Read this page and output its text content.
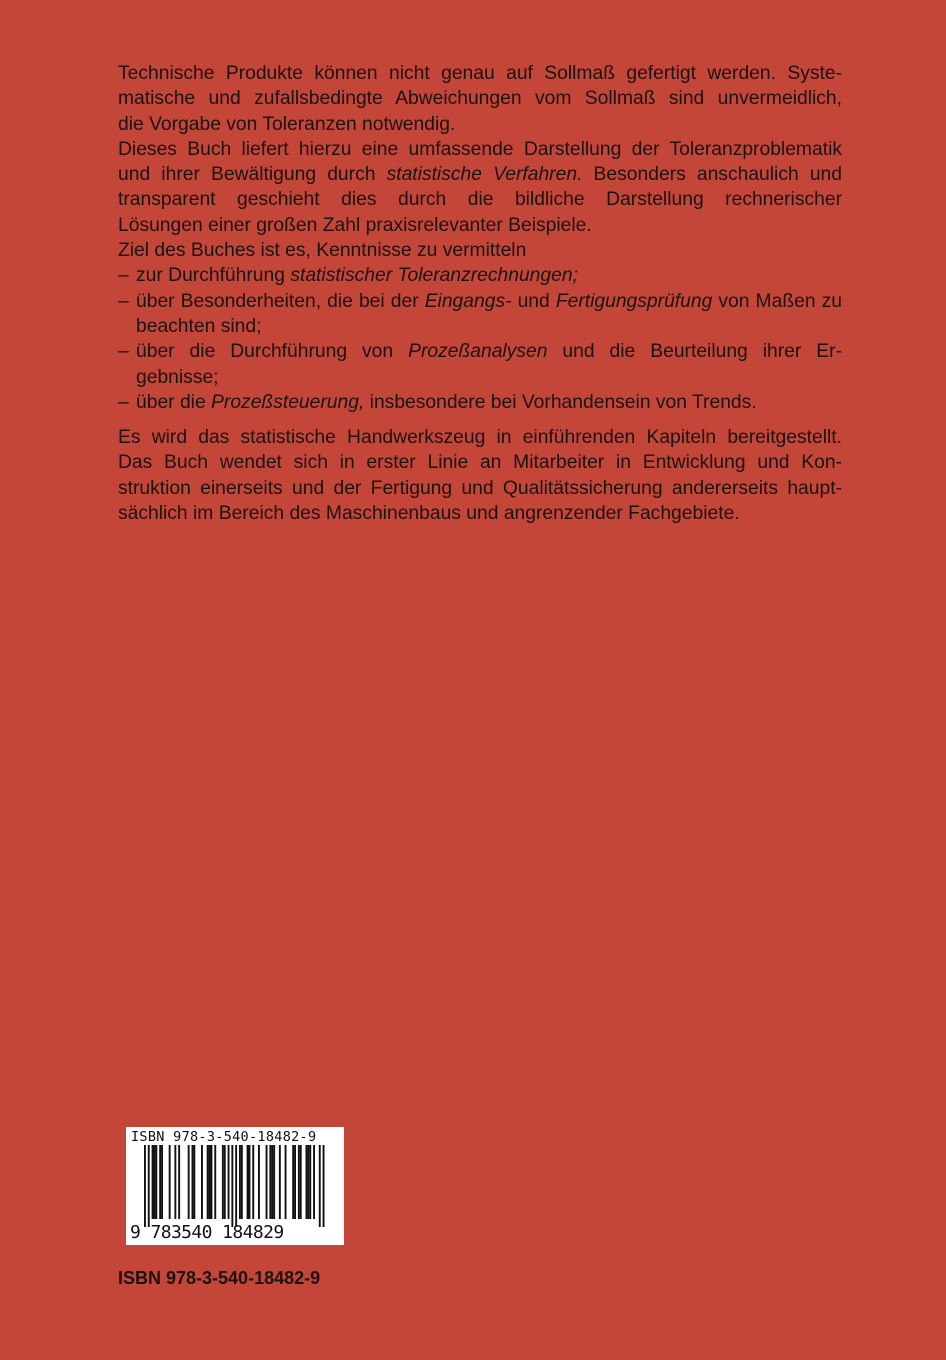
Technische Produkte können nicht genau auf Sollmaß gefertigt werden. Syste-
matische und zufallsbedingte Abweichungen vom Sollmaß sind unvermeidlich,
die Vorgabe von Toleranzen notwendig.

Dieses Buch liefert hierzu eine umfassende Darstellung der Toleranzproblematik
und ihrer Bewältigung durch statistische Verfahren. Besonders anschaulich und
transparent geschieht dies durch die bildliche Darstellung rechnerischer
Lösungen einer großen Zahl praxisrelevanter Beispiele.

Ziel des Buches ist es, Kenntnisse zu vermitteln

– zur Durchführung statistischer Toleranzrechnungen;
– über Besonderheiten, die bei der Eingangs- und Fertigungsprüfung von Maßen zu
beachten sind;
– über die Durchführung von Prozeßanalysen und die Beurteilung ihrer Er-
gebnisse;
– über die Prozeßsteuerung, insbesondere bei Vorhandensein von Trends.

Es wird das statistische Handwerkszeug in einführenden Kapiteln bereitgestellt.
Das Buch wendet sich in erster Linie an Mitarbeiter in Entwicklung und Kon-
struktion einerseits und der Fertigung und Qualitätssicherung andererseits haupt-
sächlich im Bereich des Maschinenbaus und angrenzender Fachgebiete.

ISBN 978-3-540-18482-9
9 783540 184829
ISBN 978-3-540-18482-9
